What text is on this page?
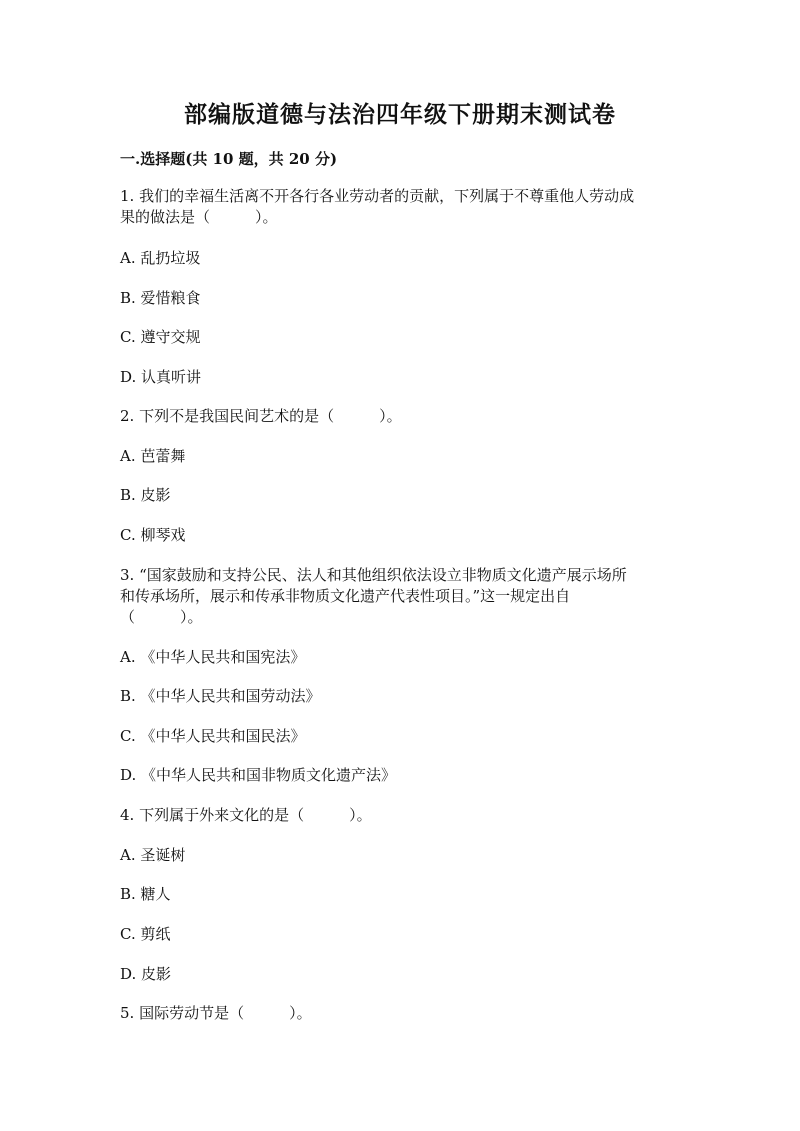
部编版道德与法治四年级下册期末测试卷
一.选择题(共 10 题，共 20 分)

1. 我们的幸福生活离不开各行各业劳动者的贡献，下列属于不尊重他人劳动成

果的做法是（　　　）。

A. 乱扔垃圾

B. 爱惜粮食

C. 遵守交规

D. 认真听讲

2. 下列不是我国民间艺术的是（　　　）。

A. 芭蕾舞

B. 皮影

C. 柳琴戏

3. “国家鼓励和支持公民、法人和其他组织依法设立非物质文化遗产展示场所

和传承场所，展示和传承非物质文化遗产代表性项目。”这一规定出自

（　　　）。

A. 《中华人民共和国宪法》

B. 《中华人民共和国劳动法》

C. 《中华人民共和国民法》

D. 《中华人民共和国非物质文化遗产法》

4. 下列属于外来文化的是（　　　）。

A. 圣诞树

B. 糖人

C. 剪纸

D. 皮影

5. 国际劳动节是（　　　）。
